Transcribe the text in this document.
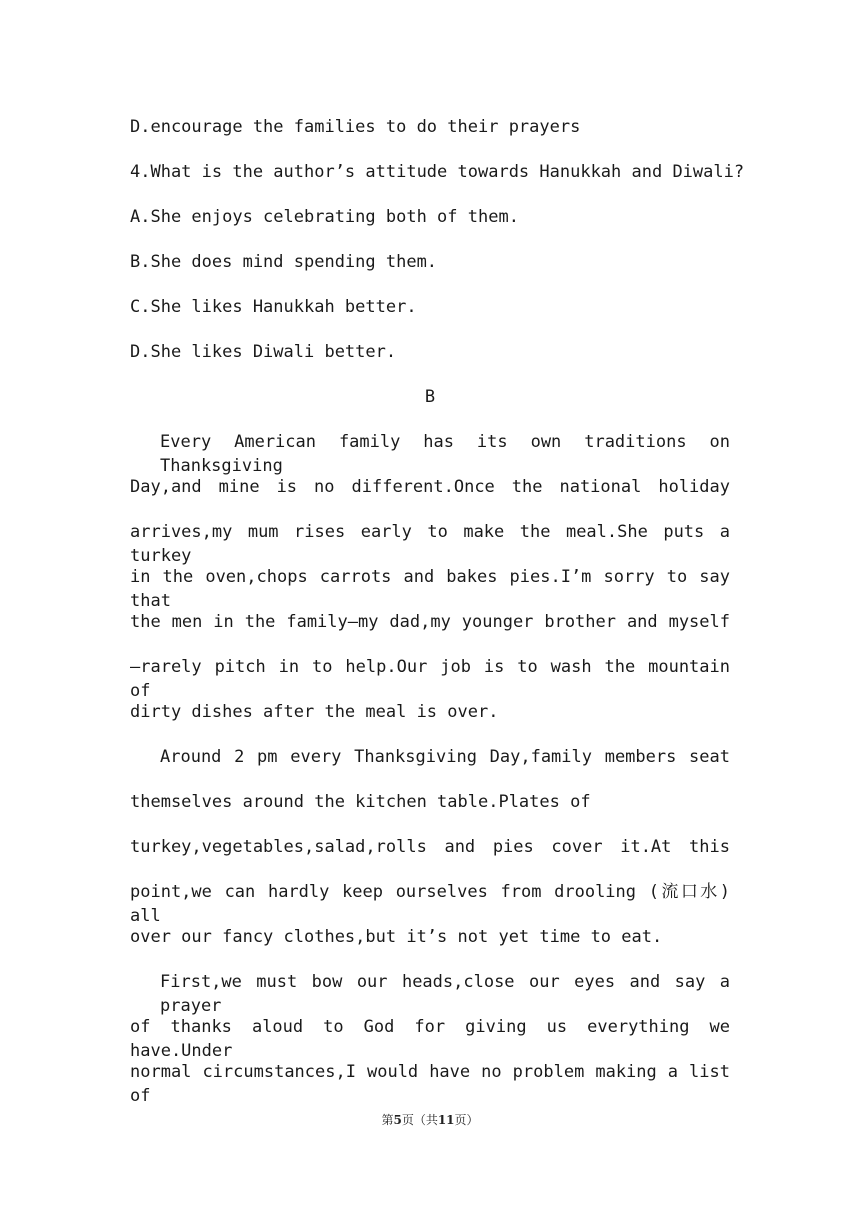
D.encourage the families to do their prayers
4.What is the author’s attitude towards Hanukkah and Diwali?
A.She enjoys celebrating both of them.
B.She does mind spending them.
C.She likes Hanukkah better.
D.She likes Diwali better.
B
Every American family has its own traditions on Thanksgiving
Day,and mine is no different.Once the national holiday
arrives,my mum rises early to make the meal.She puts a turkey
in the oven,chops carrots and bakes pies.I’m sorry to say that
the men in the family—my dad,my younger brother and myself
—rarely pitch in to help.Our job is to wash the mountain of
dirty dishes after the meal is over.
Around 2 pm every Thanksgiving Day,family members seat
themselves around the kitchen table.Plates of
turkey,vegetables,salad,rolls and pies cover it.At this
point,we can hardly keep ourselves from drooling (流口水) all
over our fancy clothes,but it’s not yet time to eat.
First,we must bow our heads,close our eyes and say a prayer
of thanks aloud to God for giving us everything we have.Under
normal circumstances,I would have no problem making a list of
第5页（共11页）
